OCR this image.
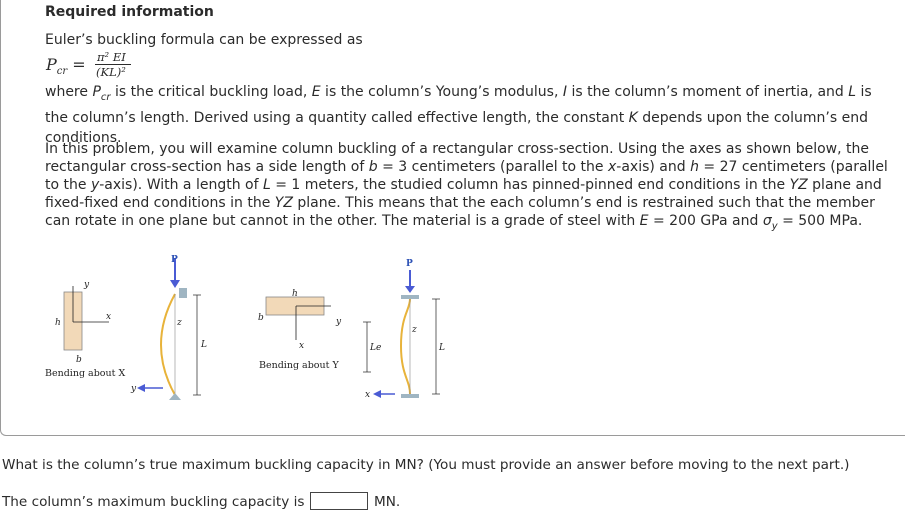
Required information
Euler’s buckling formula can be expressed as
$P_{cr} = \pi^2$ EI
(KL)²

where $P_{cr}$ is the critical buckling load, E is the column’s Young’s modulus, I is the column’s moment of inertia, and L is the column’s length. Derived using a quantity called effective length, the constant K depends upon the column’s end conditions.

In this problem, you will examine column buckling of a rectangular cross-section. Using the axes as shown below, the rectangular cross-section has a side length of b = 3 centimeters (parallel to the x-axis) and h = 27 centimeters (parallel to the y-axis). With a length of L = 1 meters, the studied column has pinned-pinned end conditions in the YZ plane and fixed-fixed end conditions in the YZ plane. This means that the each column’s end is restrained such that the member can rotate in one plane but cannot in the other. The material is a grade of steel with E = 200 GPa and $\sigma_y = 500$ MPa.

y
x
h
b
Bending about X
P
y
z
L
y
x
h
b
Bending about Y
P
x
z
Le	L
What is the column’s true maximum buckling capacity in MN? (You must provide an answer before moving to the next part.)
The column’s maximum buckling capacity is	MN.
